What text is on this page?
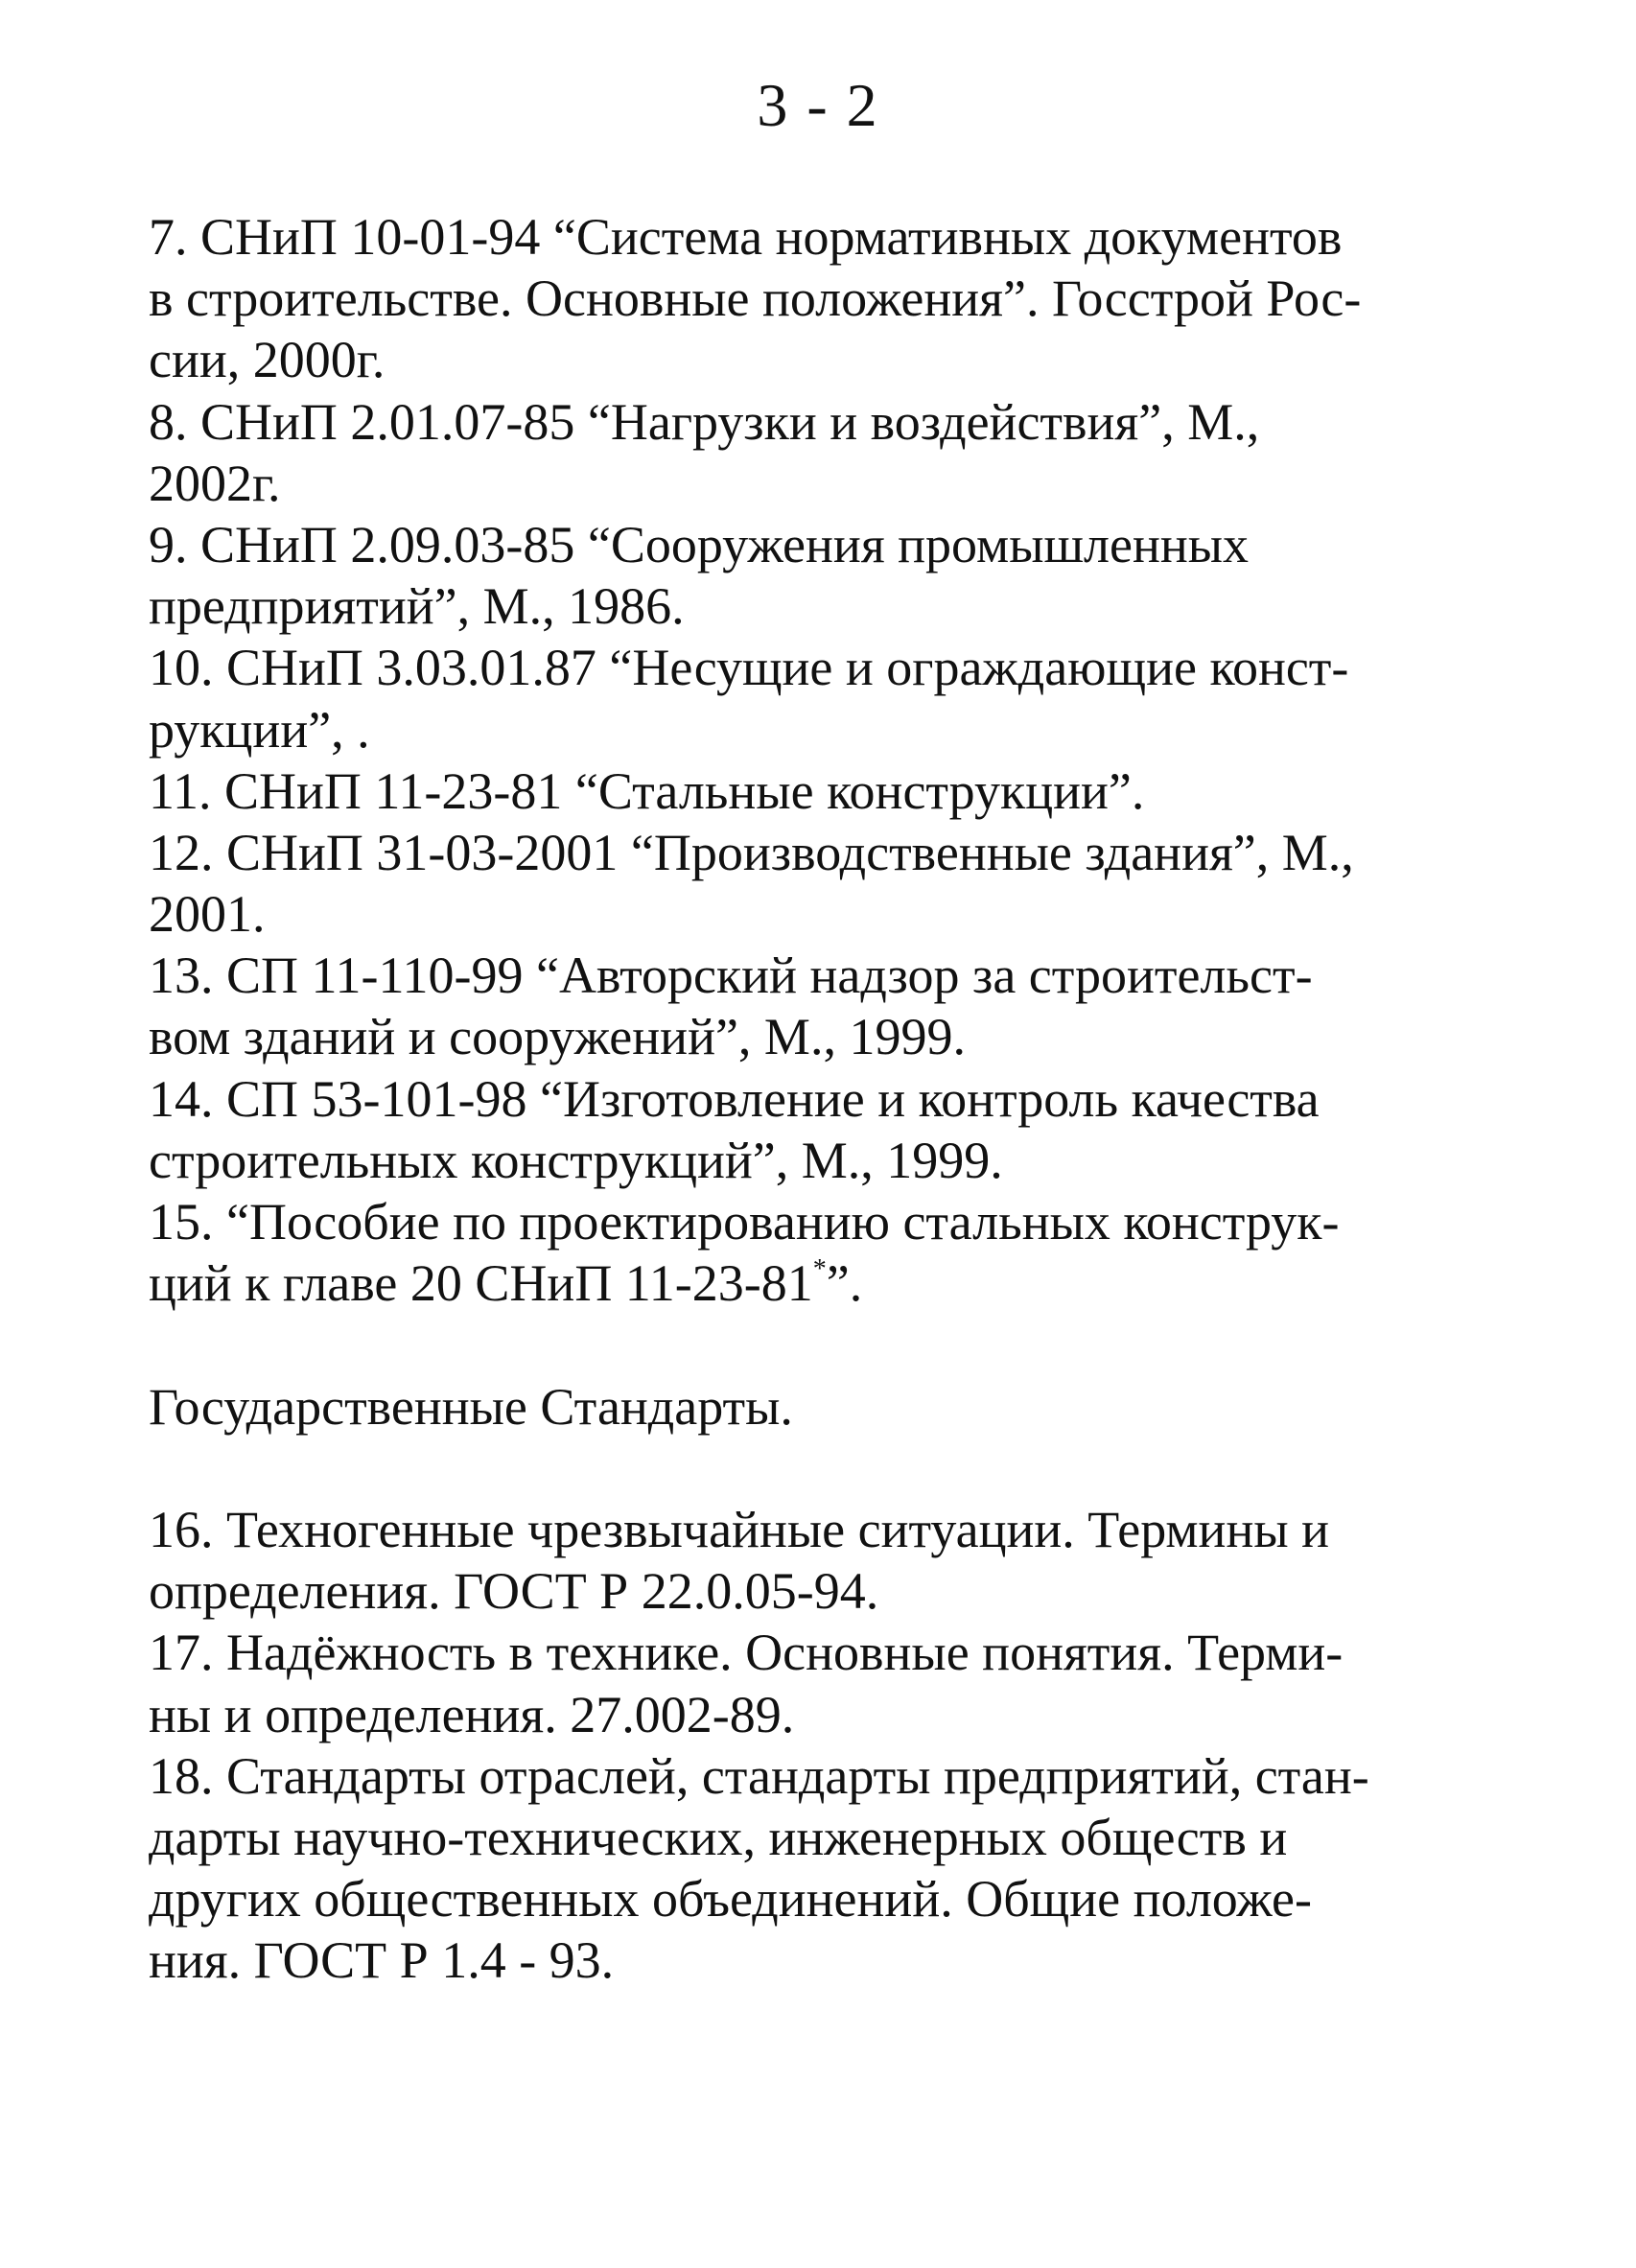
3 - 2
7. СНиП 10-01-94 “Система нормативных документов
в строительстве. Основные положения”. Госстрой Рос-
сии, 2000г.
8. СНиП 2.01.07-85 “Нагрузки и воздействия”, М.,
2002г.
9. СНиП 2.09.03-85 “Сооружения промышленных
предприятий”, М., 1986.
10. СНиП 3.03.01.87 “Несущие и ограждающие конст-
рукции”, .
11. СНиП 11-23-81 “Стальные конструкции”.
12. СНиП 31-03-2001 “Производственные здания”, М.,
2001.
13. СП 11-110-99 “Авторский надзор за строительст-
вом зданий и сооружений”, М., 1999.
14. СП 53-101-98 “Изготовление и контроль качества
строительных конструкций”, М., 1999.
15. “Пособие по проектированию стальных конструк-
ций к главе 20 СНиП 11-23-81*”.
Государственные Стандарты.
16. Техногенные чрезвычайные ситуации. Термины и
определения. ГОСТ Р 22.0.05-94.
17. Надёжность в технике. Основные понятия. Терми-
ны и определения. 27.002-89.
18. Стандарты отраслей, стандарты предприятий, стан-
дарты научно-технических, инженерных обществ и
других общественных объединений. Общие положе-
ния. ГОСТ Р 1.4 - 93.
